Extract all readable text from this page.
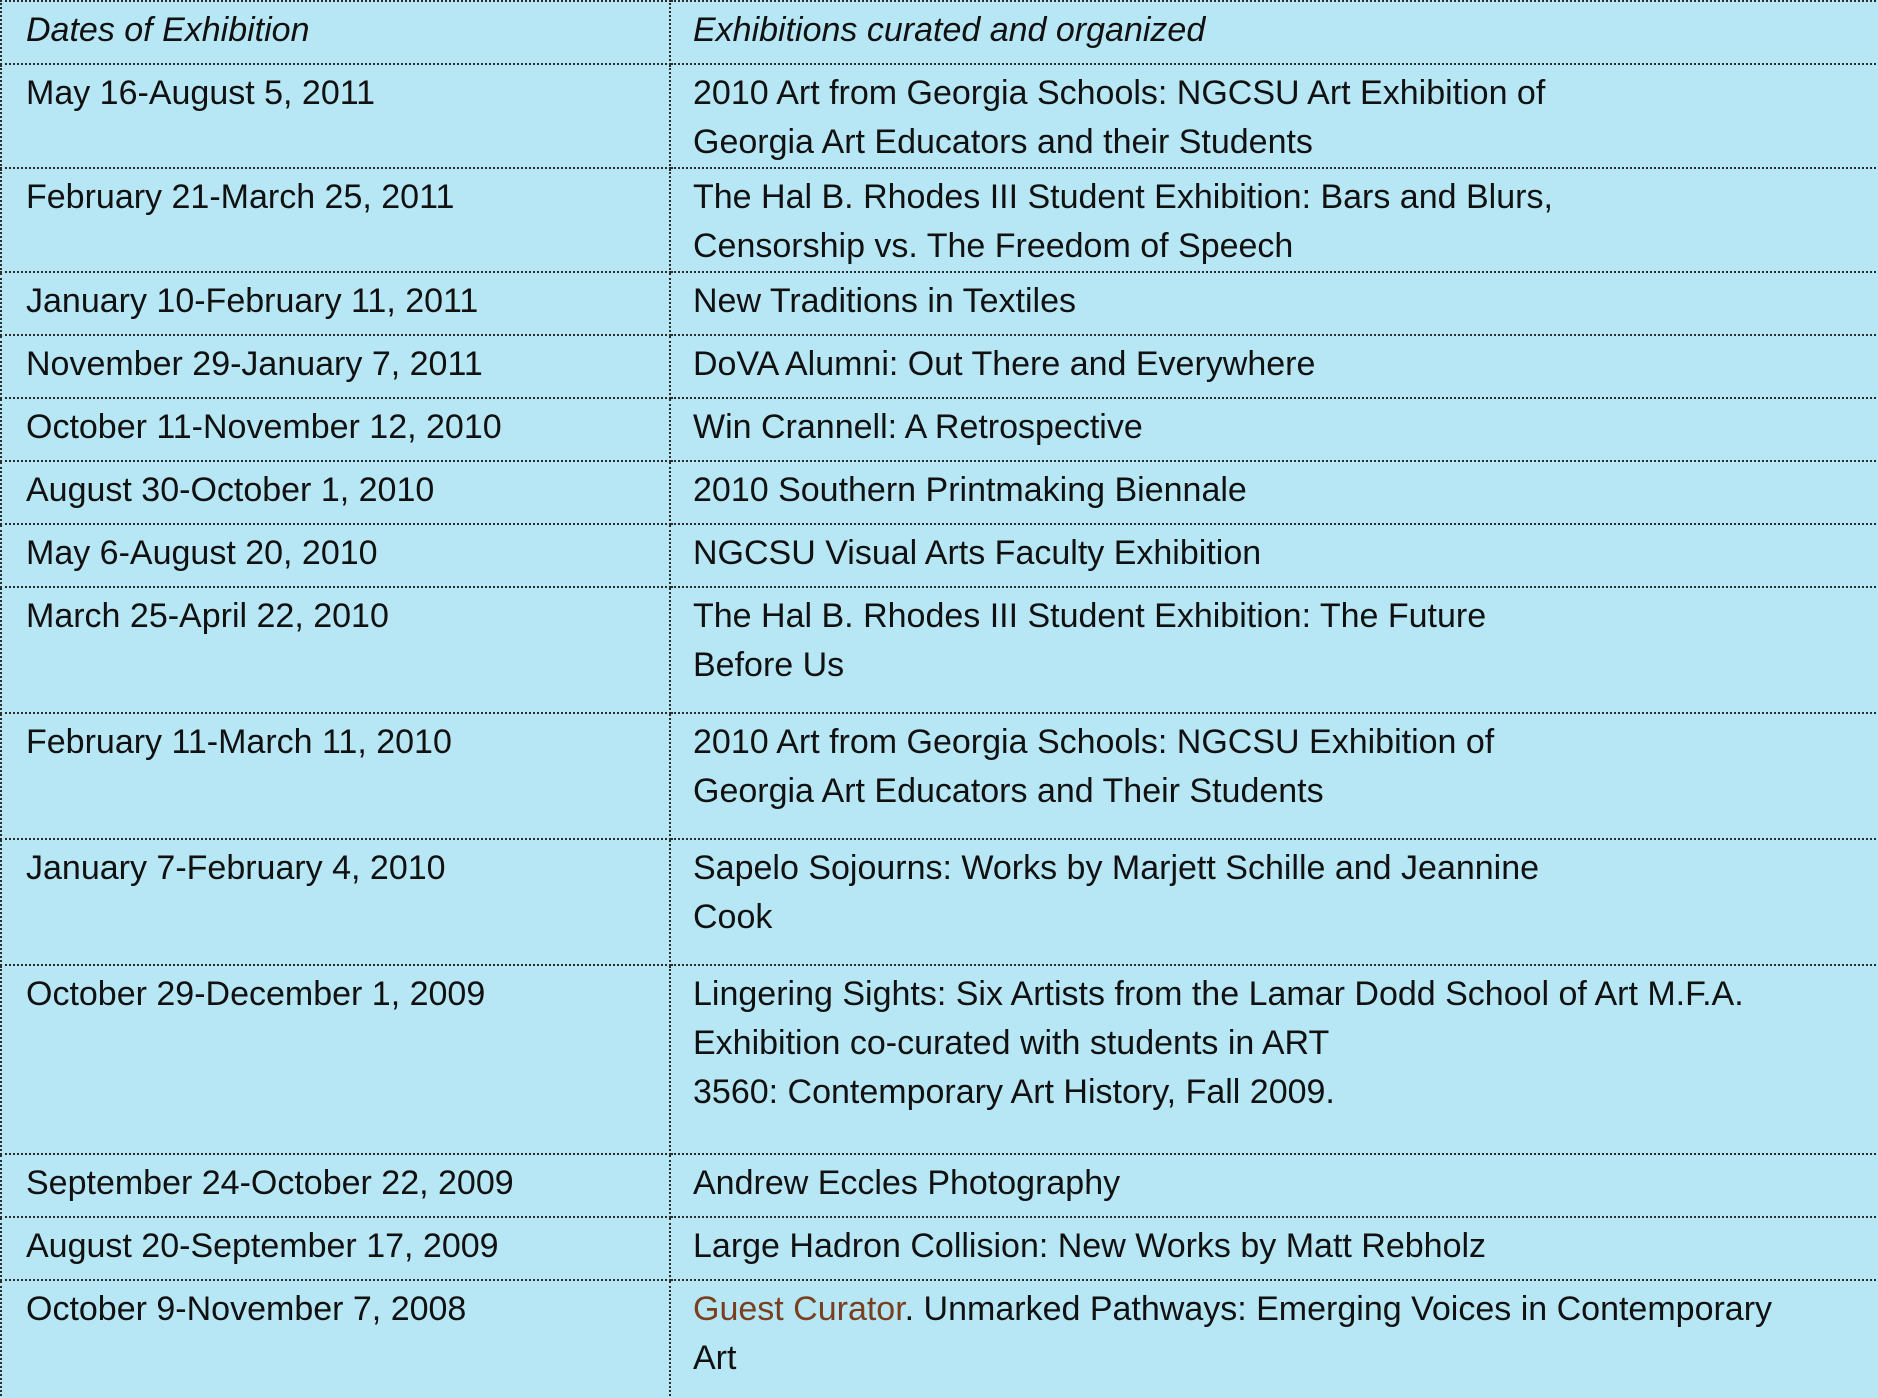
Dates of Exhibition	Exhibitions curated and organized
May 16-August 5, 2011	2010 Art from Georgia Schools: NGCSU Art Exhibition of
Georgia Art Educators and their Students

February 21-March 25, 2011	The Hal B. Rhodes III Student Exhibition: Bars and Blurs,
Censorship vs. The Freedom of Speech

January 10-February 11, 2011	New Traditions in Textiles

November 29-January 7, 2011	DoVA Alumni: Out There and Everywhere

October 11-November 12, 2010	Win Crannell: A Retrospective

August 30-October 1, 2010	2010 Southern Printmaking Biennale

May 6-August 20, 2010	NGCSU Visual Arts Faculty Exhibition

March 25-April 22, 2010	The Hal B. Rhodes III Student Exhibition: The Future
Before Us

February 11-March 11, 2010	2010 Art from Georgia Schools: NGCSU Exhibition of
Georgia Art Educators and Their Students

January 7-February 4, 2010	Sapelo Sojourns: Works by Marjett Schille and Jeannine
Cook

October 29-December 1, 2009	Lingering Sights: Six Artists from the Lamar Dodd School of Art M.F.A.
Exhibition co-curated with students in ART
3560: Contemporary Art History, Fall 2009.

September 24-October 22, 2009	Andrew Eccles Photography

August 20-September 17, 2009	Large Hadron Collision: New Works by Matt Rebholz

October 9-November 7, 2008	Guest Curator. Unmarked Pathways: Emerging Voices in Contemporary
Art
